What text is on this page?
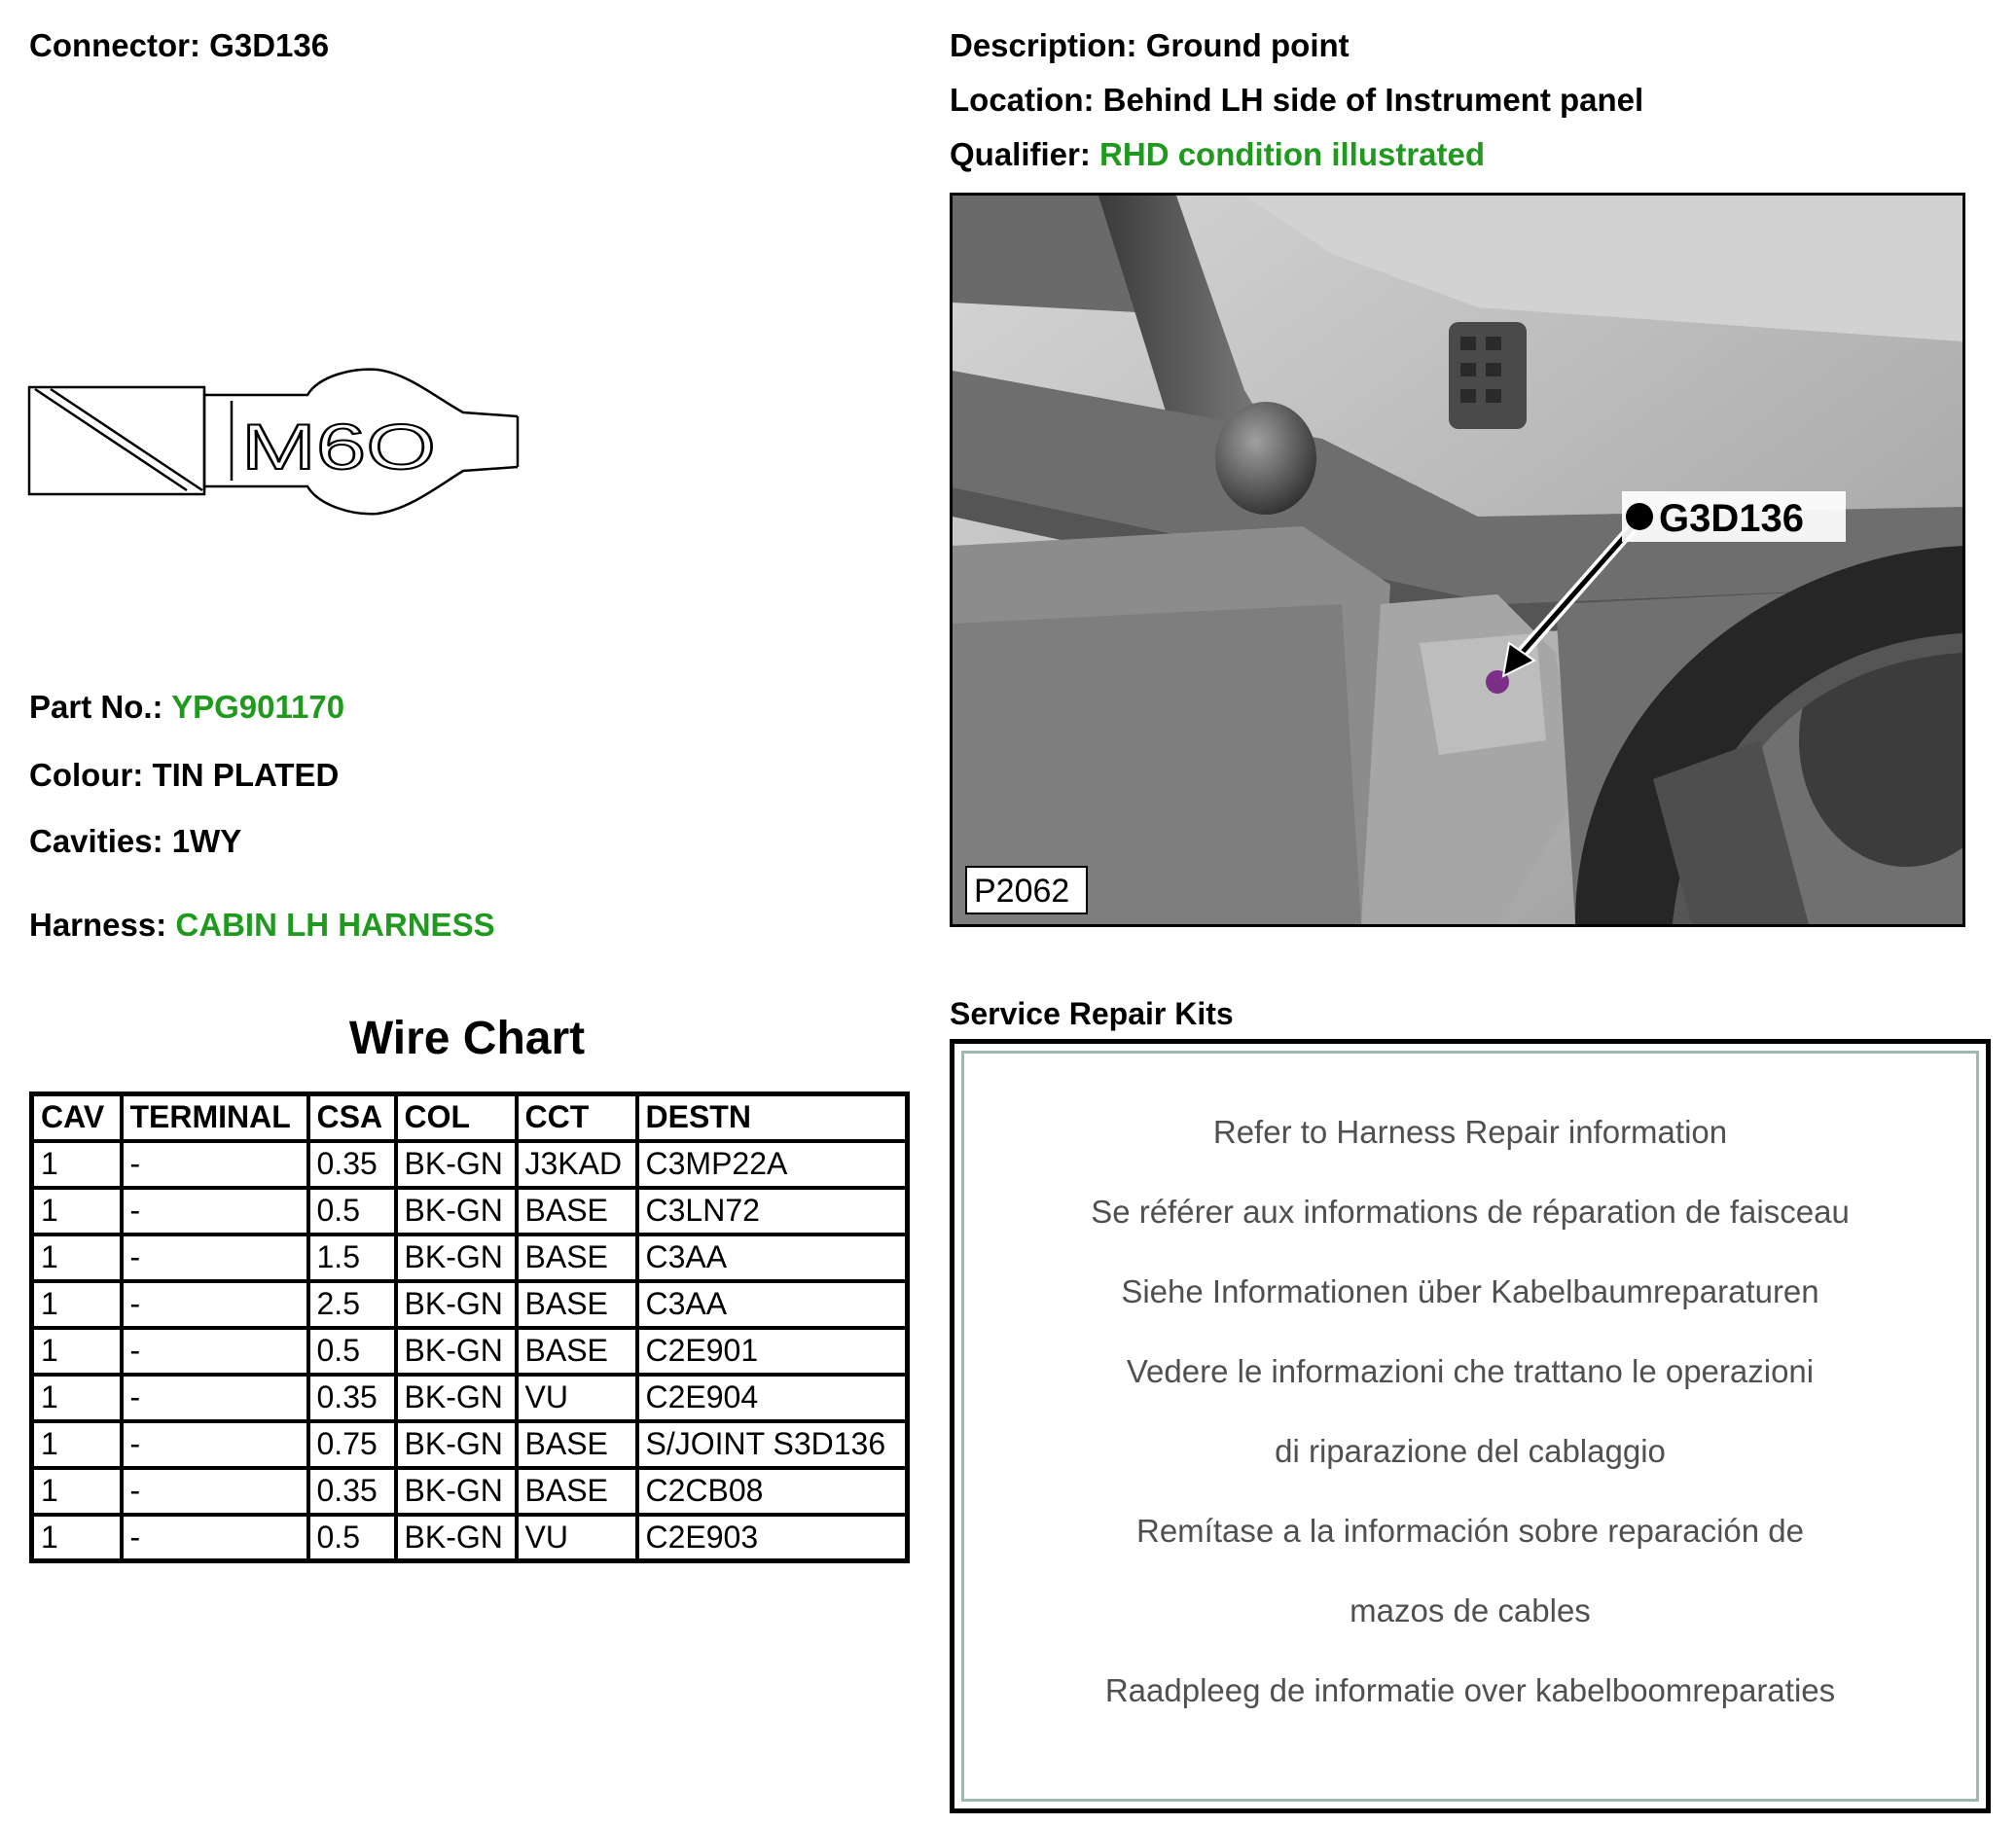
Connector: G3D136	Description: Ground point
Location: Behind LH side of Instrument panel
Qualifier: RHD condition illustrated
M6O
Part No.: YPG901170
Colour: TIN PLATED
Cavities: 1WY
Harness: CABIN LH HARNESS
G3D136
P2062
Wire Chart
CAV	TERMINAL	CSA	COL	CCT	DESTN
1	-	0.35	BK-GN	J3KAD	C3MP22A
1	-	0.5	BK-GN	BASE	C3LN72
1	-	1.5	BK-GN	BASE	C3AA
1	-	2.5	BK-GN	BASE	C3AA
1	-	0.5	BK-GN	BASE	C2E901
1	-	0.35	BK-GN	VU	C2E904
1	-	0.75	BK-GN	BASE	S/JOINT S3D136
1	-	0.35	BK-GN	BASE	C2CB08
1	-	0.5	BK-GN	VU	C2E903
Service Repair Kits
Refer to Harness Repair information
Se référer aux informations de réparation de faisceau
Siehe Informationen über Kabelbaumreparaturen
Vedere le informazioni che trattano le operazioni
di riparazione del cablaggio
Remítase a la información sobre reparación de
mazos de cables
Raadpleeg de informatie over kabelboomreparaties
